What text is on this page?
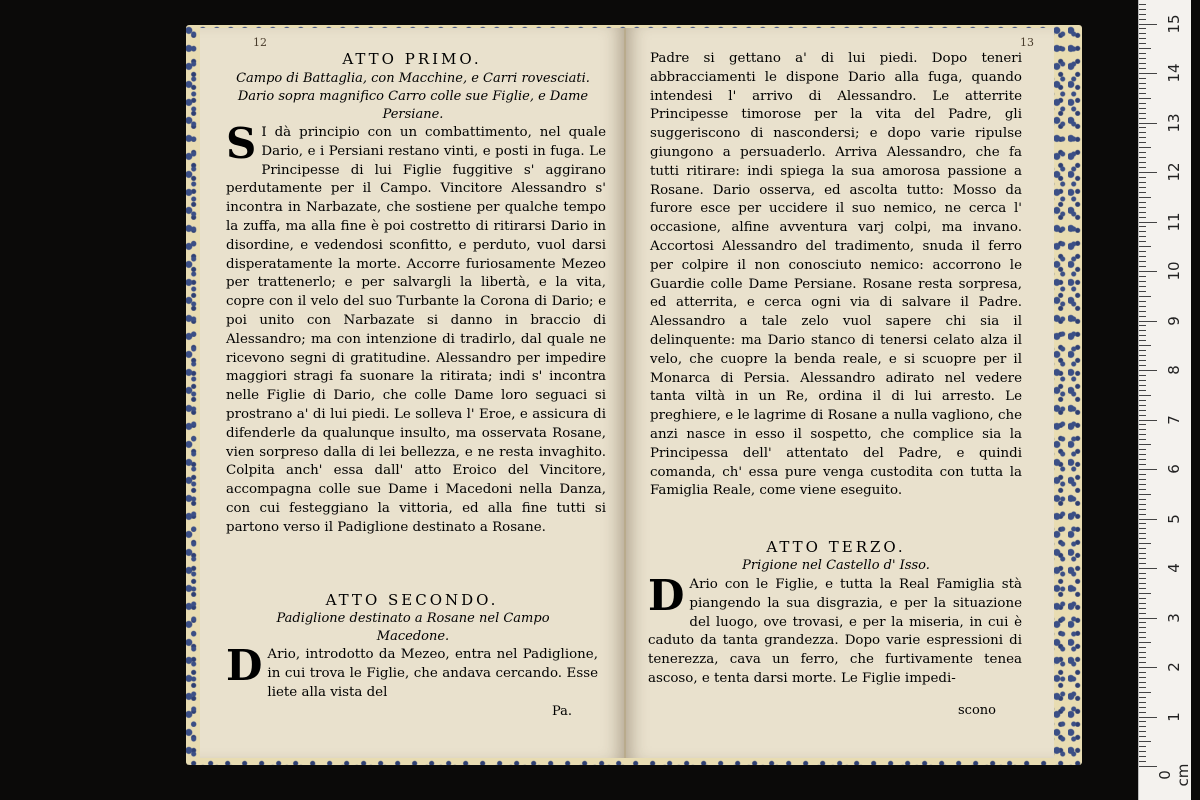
12	13
ATTO PRIMO.
Campo di Battaglia, con Macchine, e Carri rovesciati. Dario sopra magnifico Carro colle sue Figlie, e Dame Persiane.
S I dà principio con un combattimento, nel quale Dario, e i Persiani restano vinti, e posti in fuga. Le Principesse di lui Figlie fuggitive s' aggirano perdutamente per il Campo. Vincitore Alessandro s' incontra in Narbazate, che sostiene per qualche tempo la zuffa, ma alla fine è poi costretto di ritirarsi Dario in disordine, e vedendosi sconfitto, e perduto, vuol darsi disperatamente la morte. Accorre furiosamente Mezeo per trattenerlo; e per salvargli la libertà, e la vita, copre con il velo del suo Turbante la Corona di Dario; e poi unito con Narbazate si danno in braccio di Alessandro; ma con intenzione di tradirlo, dal quale ne ricevono segni di gratitudine. Alessandro per impedire maggiori stragi fa suonare la ritirata; indi s' incontra nelle Figlie di Dario, che colle Dame loro seguaci si prostrano a' di lui piedi. Le solleva l' Eroe, e assicura di difenderle da qualunque insulto, ma osservata Rosane, vien sorpreso dalla di lei bellezza, e ne resta invaghito. Colpita anch' essa dall' atto Eroico del Vincitore, accompagna colle sue Dame i Macedoni nella Danza, con cui festeggiano la vittoria, ed alla fine tutti si partono verso il Padiglione destinato a Rosane.
ATTO SECONDO.
Padiglione destinato a Rosane nel Campo Macedone.
D Ario, introdotto da Mezeo, entra nel Padiglione, in cui trova le Figlie, che andava cercando. Esse liete alla vista del
Pa.
Padre si gettano a' di lui piedi. Dopo teneri abbracciamenti le dispone Dario alla fuga, quando intendesi l' arrivo di Alessandro. Le atterrite Principesse timorose per la vita del Padre, gli suggeriscono di nascondersi; e dopo varie ripulse giungono a persuaderlo. Arriva Alessandro, che fa tutti ritirare: indi spiega la sua amorosa passione a Rosane. Dario osserva, ed ascolta tutto: Mosso da furore esce per uccidere il suo nemico, ne cerca l' occasione, alfine avventura varj colpi, ma invano. Accortosi Alessandro del tradimento, snuda il ferro per colpire il non conosciuto nemico: accorrono le Guardie colle Dame Persiane. Rosane resta sorpresa, ed atterrita, e cerca ogni via di salvare il Padre. Alessandro a tale zelo vuol sapere chi sia il delinquente: ma Dario stanco di tenersi celato alza il velo, che cuopre la benda reale, e si scuopre per il Monarca di Persia. Alessandro adirato nel vedere tanta viltà in un Re, ordina il di lui arresto. Le preghiere, e le lagrime di Rosane a nulla vagliono, che anzi nasce in esso il sospetto, che complice sia la Principessa dell' attentato del Padre, e quindi comanda, ch' essa pure venga custodita con tutta la Famiglia Reale, come viene eseguito.
ATTO TERZO.
Prigione nel Castello d' Isso.
D Ario con le Figlie, e tutta la Real Famiglia stà piangendo la sua disgrazia, e per la situazione del luogo, ove trovasi, e per la miseria, in cui è caduto da tanta grandezza. Dopo varie espressioni di tenerezza, cava un ferro, che furtivamente tenea ascoso, e tenta darsi morte. Le Figlie impedi-
scono	1
2
3
4
5
6
7
8
9
10
11
12
13
14
15
0 cm
